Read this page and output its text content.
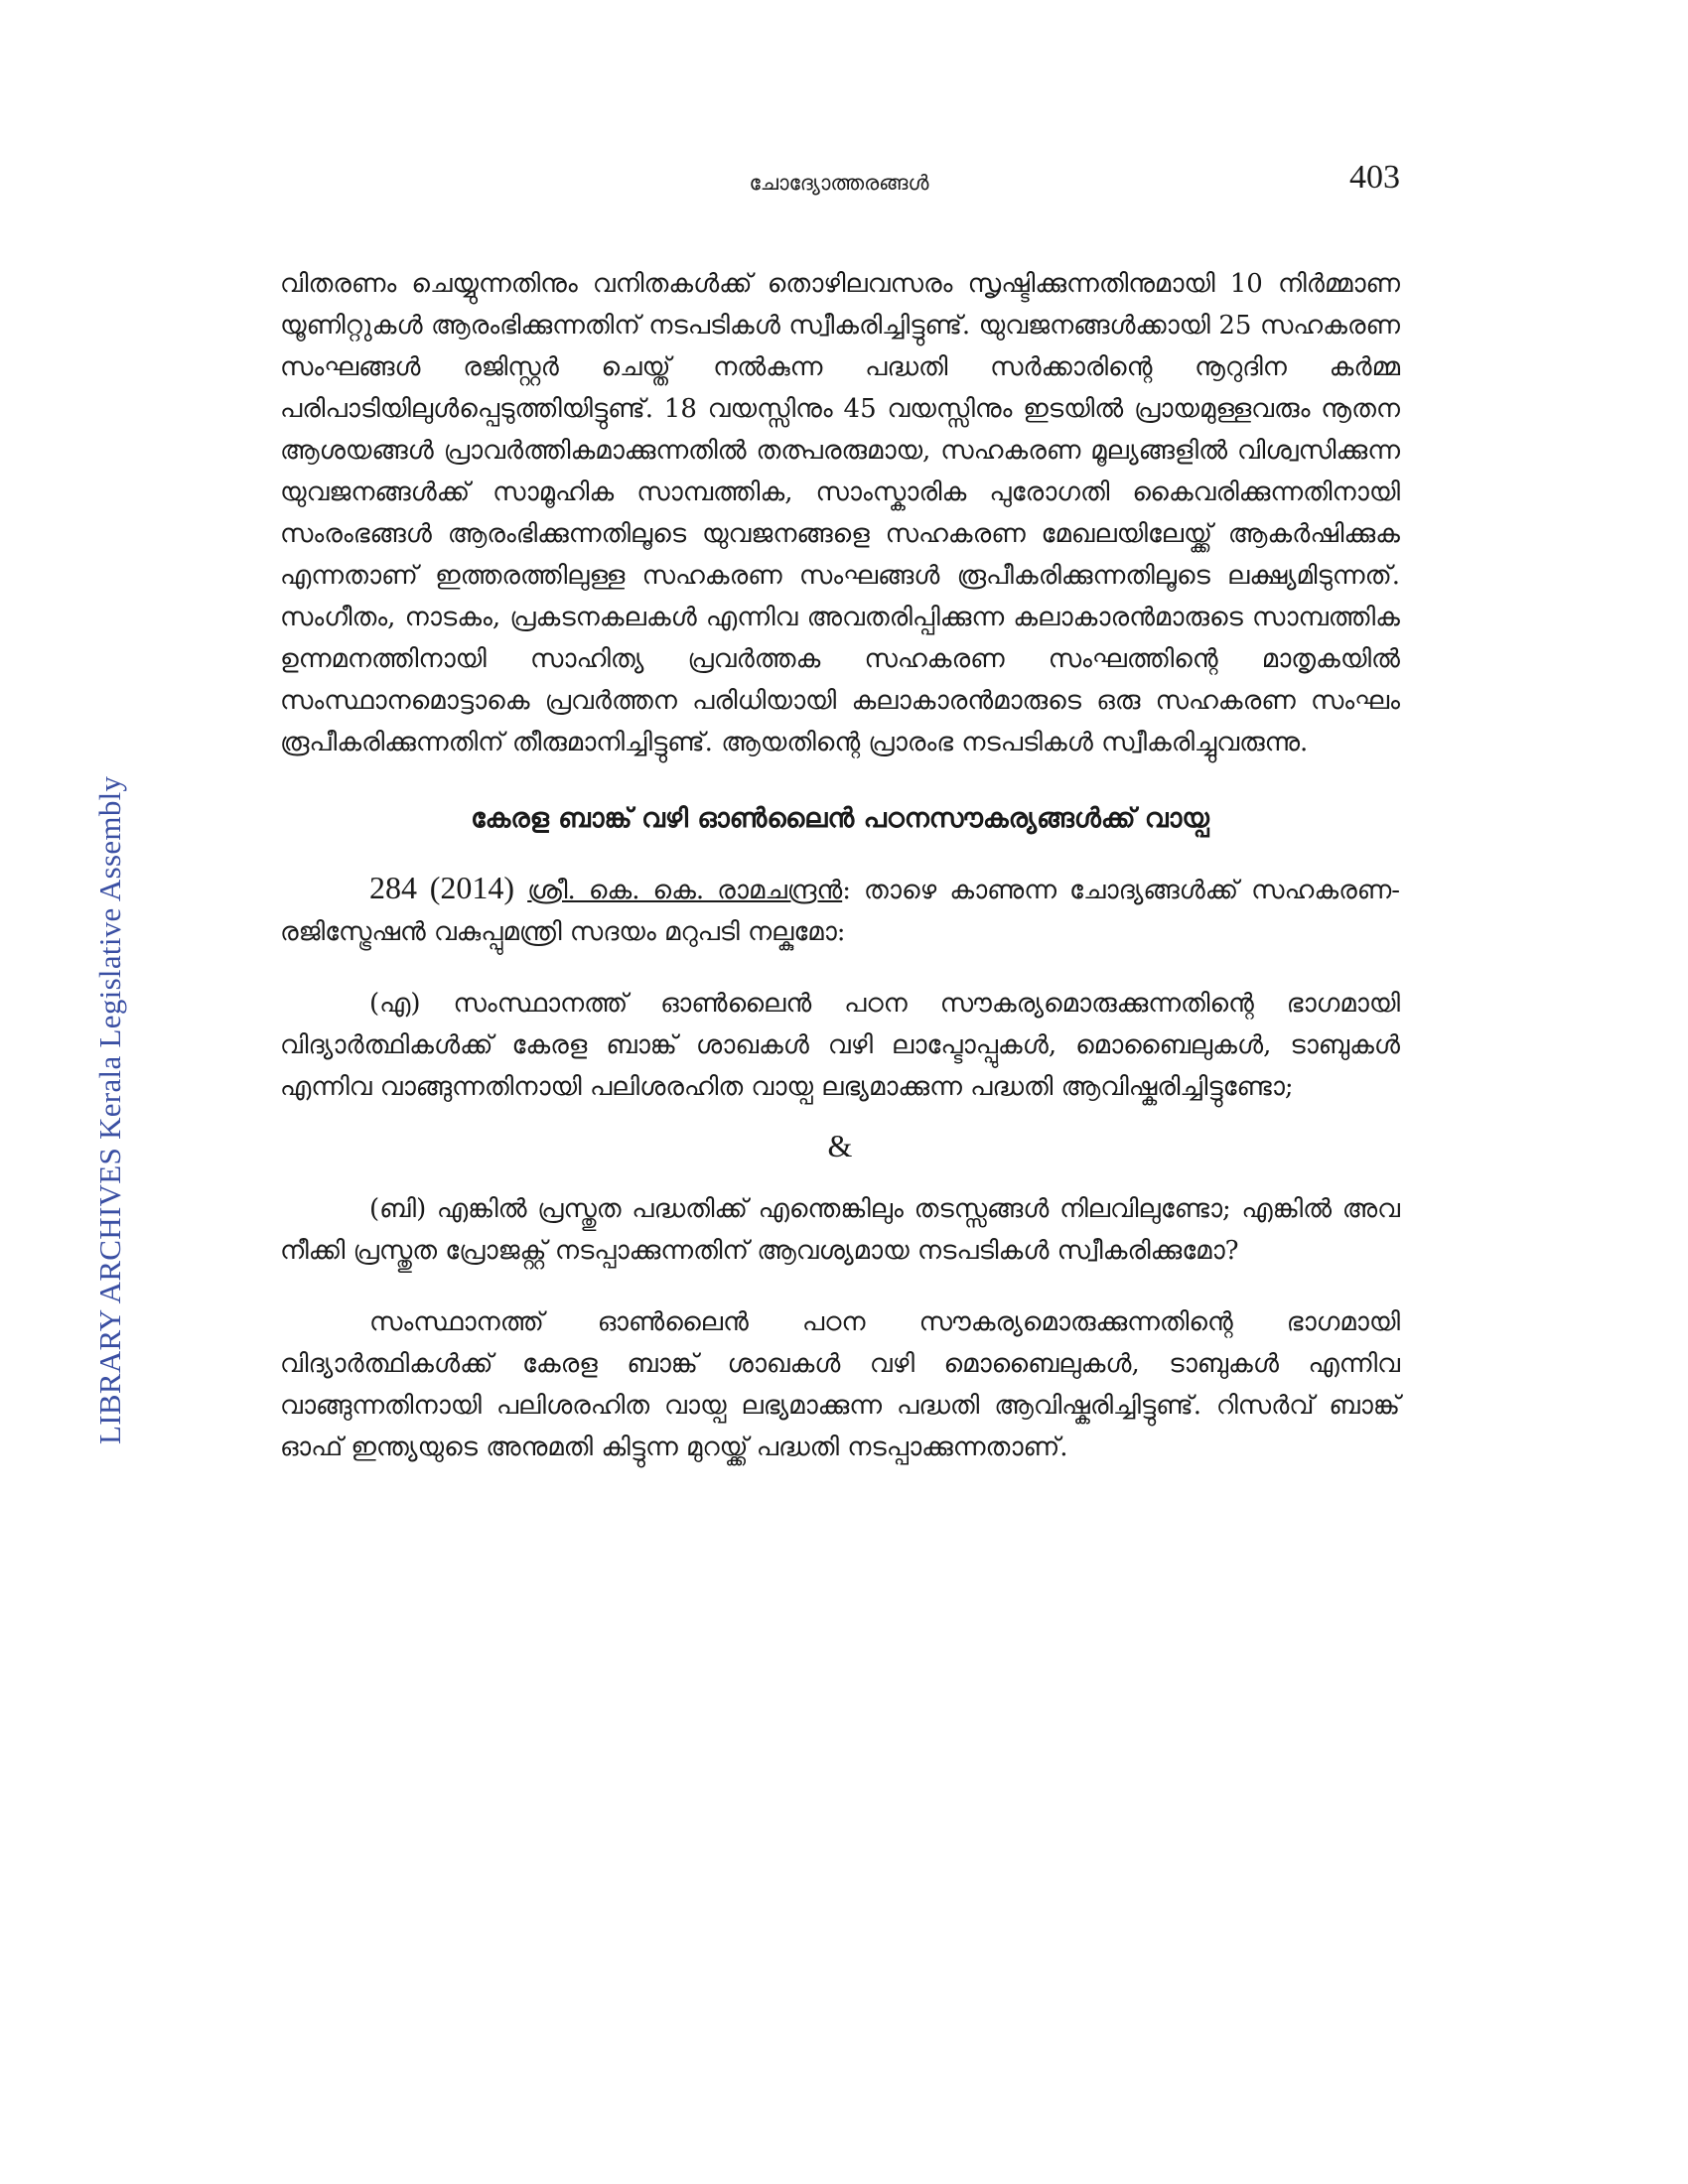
ചോദ്യോത്തരങ്ങൾ	403
LIBRARY ARCHIVES Kerala Legislative Assembly

വിതരണം ചെയ്യുന്നതിനും വനിതകൾക്ക് തൊഴിലവസരം സൃഷ്ടിക്കുന്നതിനുമായി 10 നിർമ്മാണ യൂണിറ്റുകൾ ആരംഭിക്കുന്നതിന് നടപടികൾ സ്വീകരിച്ചിട്ടുണ്ട്. യുവജനങ്ങൾക്കായി 25 സഹകരണ സംഘങ്ങൾ രജിസ്റ്റർ ചെയ്ത് നൽകുന്ന പദ്ധതി സർക്കാരിന്റെ നൂറുദിന കർമ്മ പരിപാടിയിലുൾപ്പെടുത്തിയിട്ടുണ്ട്. 18 വയസ്സിനും 45 വയസ്സിനും ഇടയിൽ പ്രായമുള്ളവരും നൂതന ആശയങ്ങൾ പ്രാവർത്തികമാക്കുന്നതിൽ തത്പരരുമായ, സഹകരണ മൂല്യങ്ങളിൽ വിശ്വസിക്കുന്ന യുവജനങ്ങൾക്ക് സാമൂഹിക സാമ്പത്തിക, സാംസ്കാരിക പുരോഗതി കൈവരിക്കുന്നതിനായി സംരംഭങ്ങൾ ആരംഭിക്കുന്നതിലൂടെ യുവജനങ്ങളെ സഹകരണ മേഖലയിലേയ്ക്ക് ആകർഷിക്കുക എന്നതാണ് ഇത്തരത്തിലുള്ള സഹകരണ സംഘങ്ങൾ രൂപീകരിക്കുന്നതിലൂടെ ലക്ഷ്യമിടുന്നത്. സംഗീതം, നാടകം, പ്രകടനകലകൾ എന്നിവ അവതരിപ്പിക്കുന്ന കലാകാരൻമാരുടെ സാമ്പത്തിക ഉന്നമനത്തിനായി സാഹിത്യ പ്രവർത്തക സഹകരണ സംഘത്തിന്റെ മാതൃകയിൽ സംസ്ഥാനമൊട്ടാകെ പ്രവർത്തന പരിധിയായി കലാകാരൻമാരുടെ ഒരു സഹകരണ സംഘം രൂപീകരിക്കുന്നതിന് തീരുമാനിച്ചിട്ടുണ്ട്. ആയതിന്റെ പ്രാരംഭ നടപടികൾ സ്വീകരിച്ചുവരുന്നു.

കേരള ബാങ്ക് വഴി ഓൺലൈൻ പഠനസൗകര്യങ്ങൾക്ക് വായ്പ

284 (2014) ശ്രീ. കെ. കെ. രാമചന്ദ്രൻ: താഴെ കാണുന്ന ചോദ്യങ്ങൾക്ക് സഹകരണ-രജിസ്ട്രേഷൻ വകുപ്പുമന്ത്രി സദയം മറുപടി നല്കുമോ:

(എ) സംസ്ഥാനത്ത് ഓൺലൈൻ പഠന സൗകര്യമൊരുക്കുന്നതിന്റെ ഭാഗമായി വിദ്യാർത്ഥികൾക്ക് കേരള ബാങ്ക് ശാഖകൾ വഴി ലാപ്ടോപ്പുകൾ, മൊബൈലുകൾ, ടാബുകൾ എന്നിവ വാങ്ങുന്നതിനായി പലിശരഹിത വായ്പ ലഭ്യമാക്കുന്ന പദ്ധതി ആവിഷ്കരിച്ചിട്ടുണ്ടോ;

&

(ബി) എങ്കിൽ പ്രസ്തുത പദ്ധതിക്ക് എന്തെങ്കിലും തടസ്സങ്ങൾ നിലവിലുണ്ടോ; എങ്കിൽ അവ നീക്കി പ്രസ്തുത പ്രോജക്റ്റ് നടപ്പാക്കുന്നതിന് ആവശ്യമായ നടപടികൾ സ്വീകരിക്കുമോ?

സംസ്ഥാനത്ത് ഓൺലൈൻ പഠന സൗകര്യമൊരുക്കുന്നതിന്റെ ഭാഗമായി വിദ്യാർത്ഥികൾക്ക് കേരള ബാങ്ക് ശാഖകൾ വഴി മൊബൈലുകൾ, ടാബുകൾ എന്നിവ വാങ്ങുന്നതിനായി പലിശരഹിത വായ്പ ലഭ്യമാക്കുന്ന പദ്ധതി ആവിഷ്കരിച്ചിട്ടുണ്ട്. റിസർവ് ബാങ്ക് ഓഫ് ഇന്ത്യയുടെ അനുമതി കിട്ടുന്ന മുറയ്ക്ക് പദ്ധതി നടപ്പാക്കുന്നതാണ്.
